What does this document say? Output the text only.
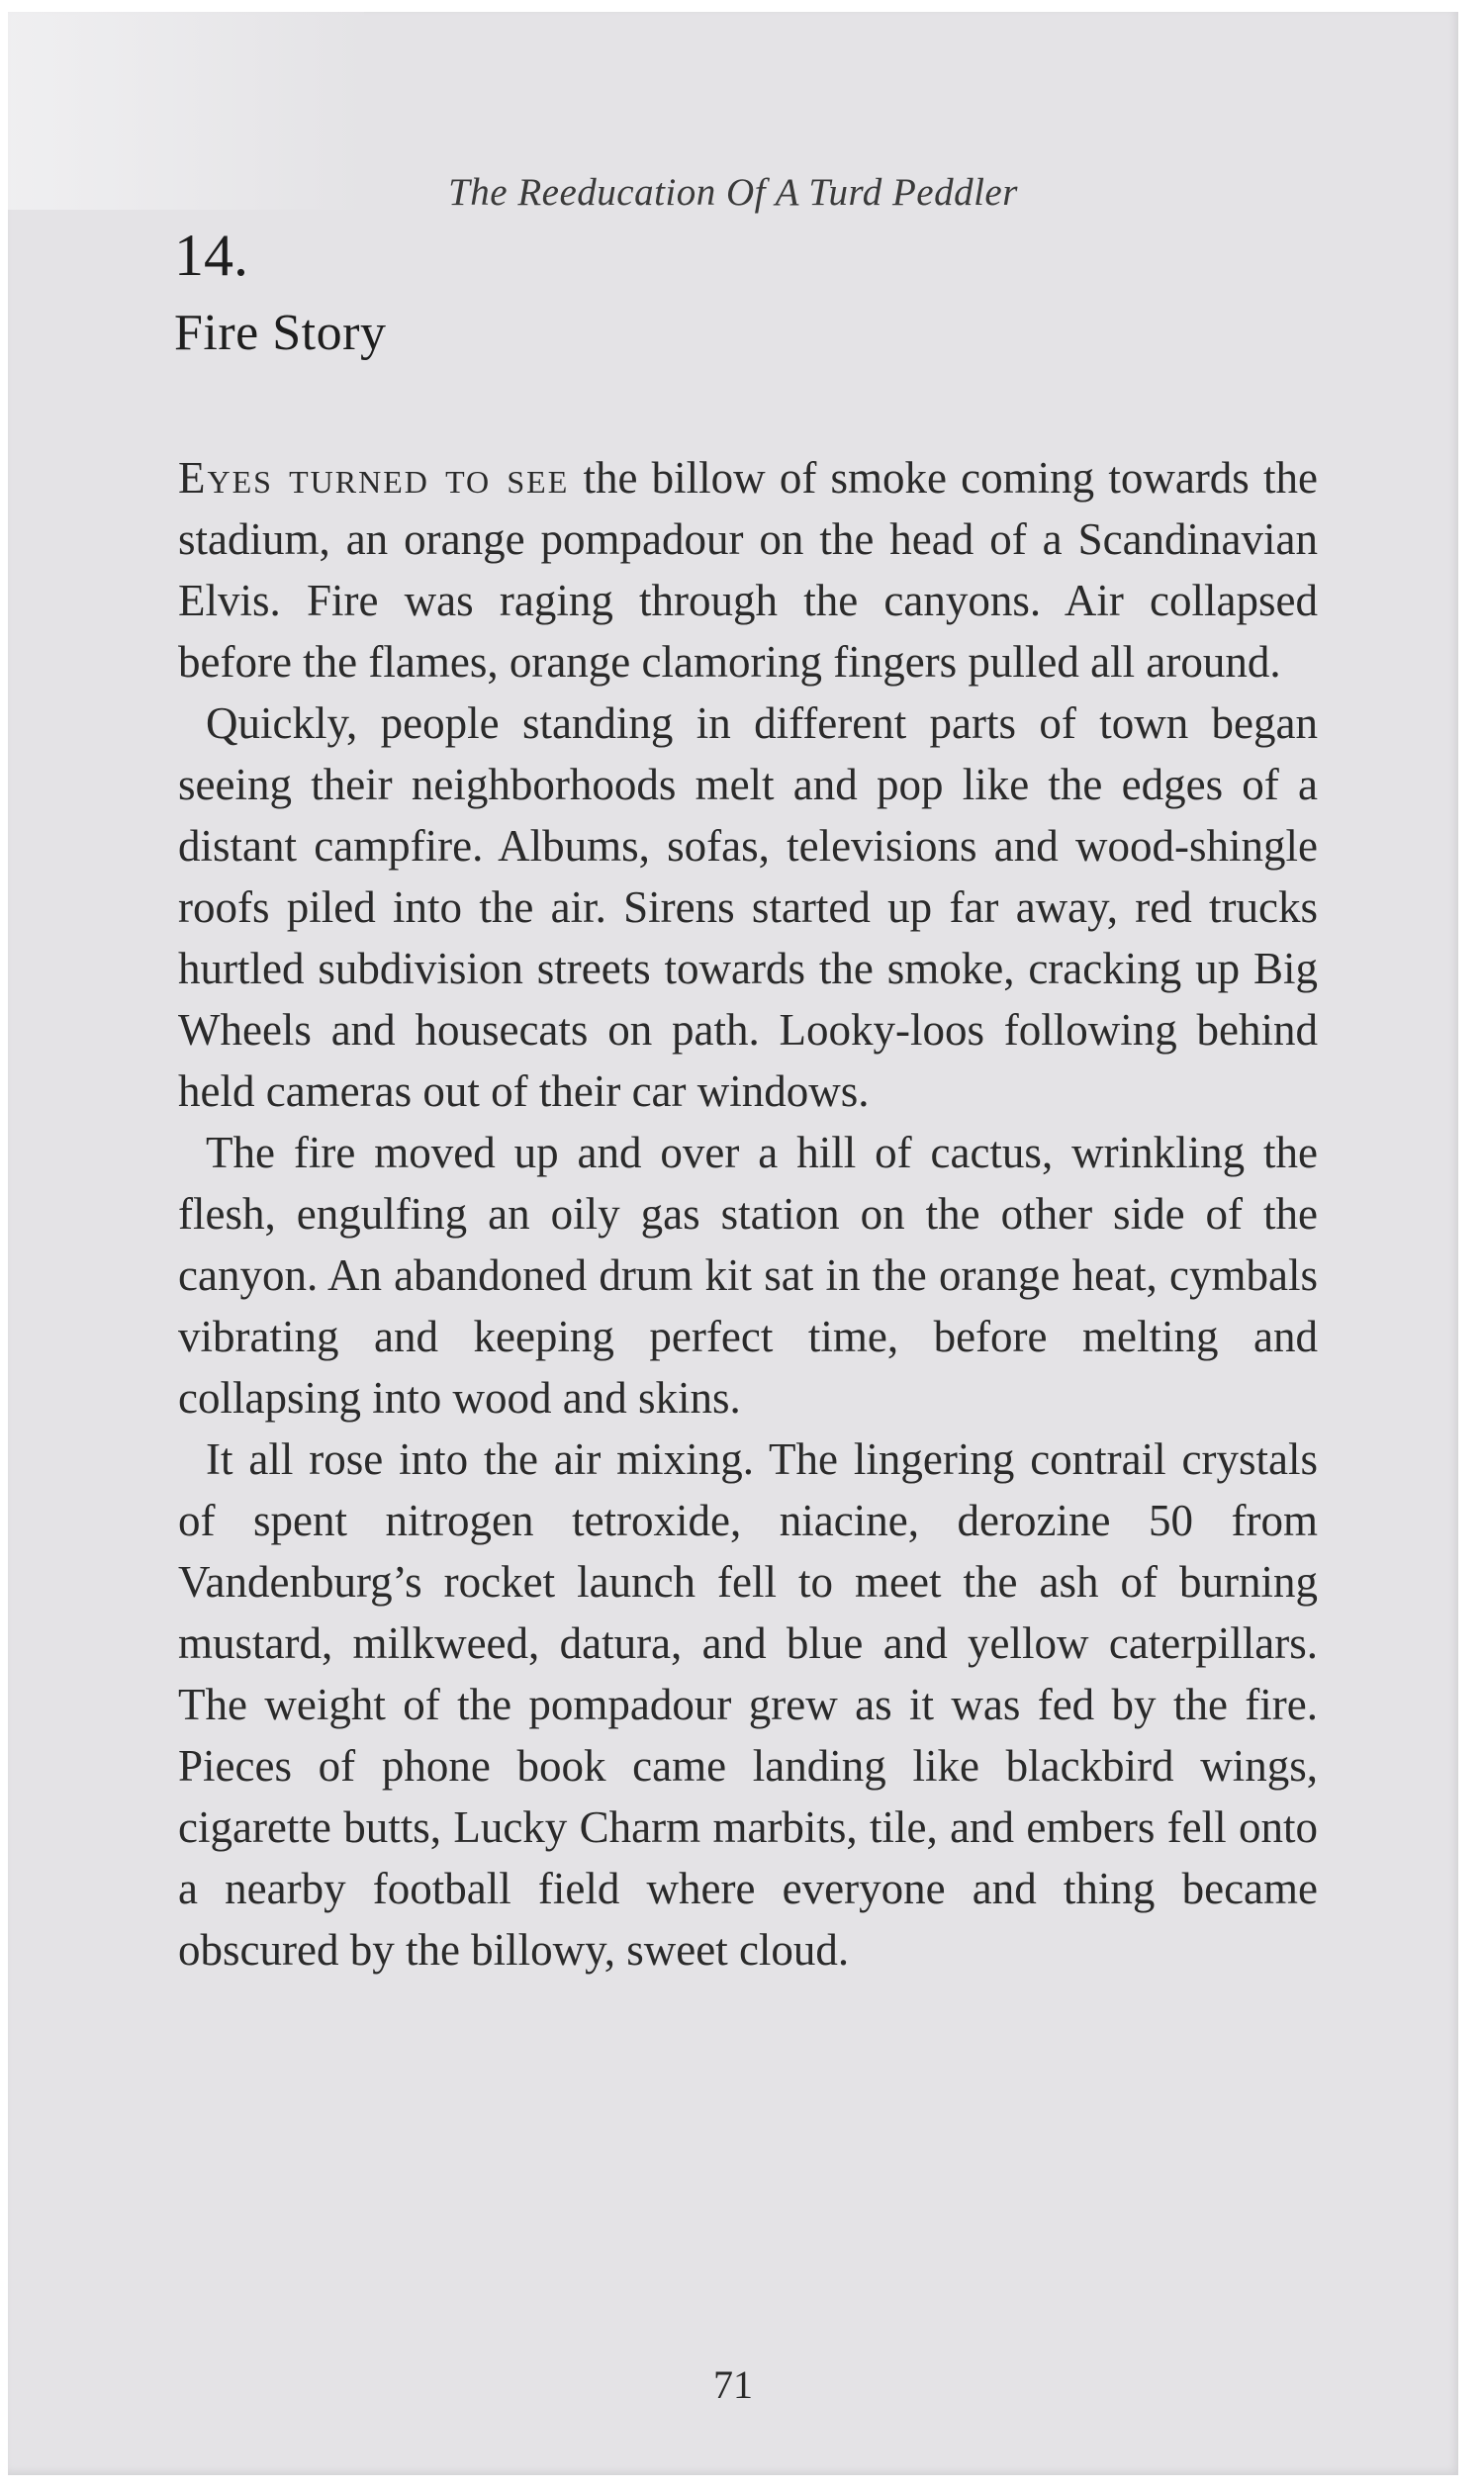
The Reeducation Of A Turd Peddler
14.
Fire Story

Eyes turned to see the billow of smoke coming towards the stadium, an orange pompadour on the head of a Scandinavian Elvis. Fire was raging through the canyons. Air collapsed before the flames, orange clamoring fingers pulled all around.

Quickly, people standing in different parts of town began seeing their neighborhoods melt and pop like the edges of a distant campfire. Albums, sofas, televisions and wood-shingle roofs piled into the air. Sirens started up far away, red trucks hurtled subdivision streets towards the smoke, cracking up Big Wheels and housecats on path. Looky-loos following behind held cameras out of their car windows.

The fire moved up and over a hill of cactus, wrinkling the flesh, engulfing an oily gas station on the other side of the canyon. An abandoned drum kit sat in the orange heat, cymbals vibrating and keeping perfect time, before melting and collapsing into wood and skins.

It all rose into the air mixing. The lingering contrail crystals of spent nitrogen tetroxide, niacine, derozine 50 from Vandenburg’s rocket launch fell to meet the ash of burning mustard, milkweed, datura, and blue and yellow caterpillars. The weight of the pompadour grew as it was fed by the fire. Pieces of phone book came landing like blackbird wings, cigarette butts, Lucky Charm marbits, tile, and embers fell onto a nearby football field where everyone and thing became obscured by the billowy, sweet cloud.

71
